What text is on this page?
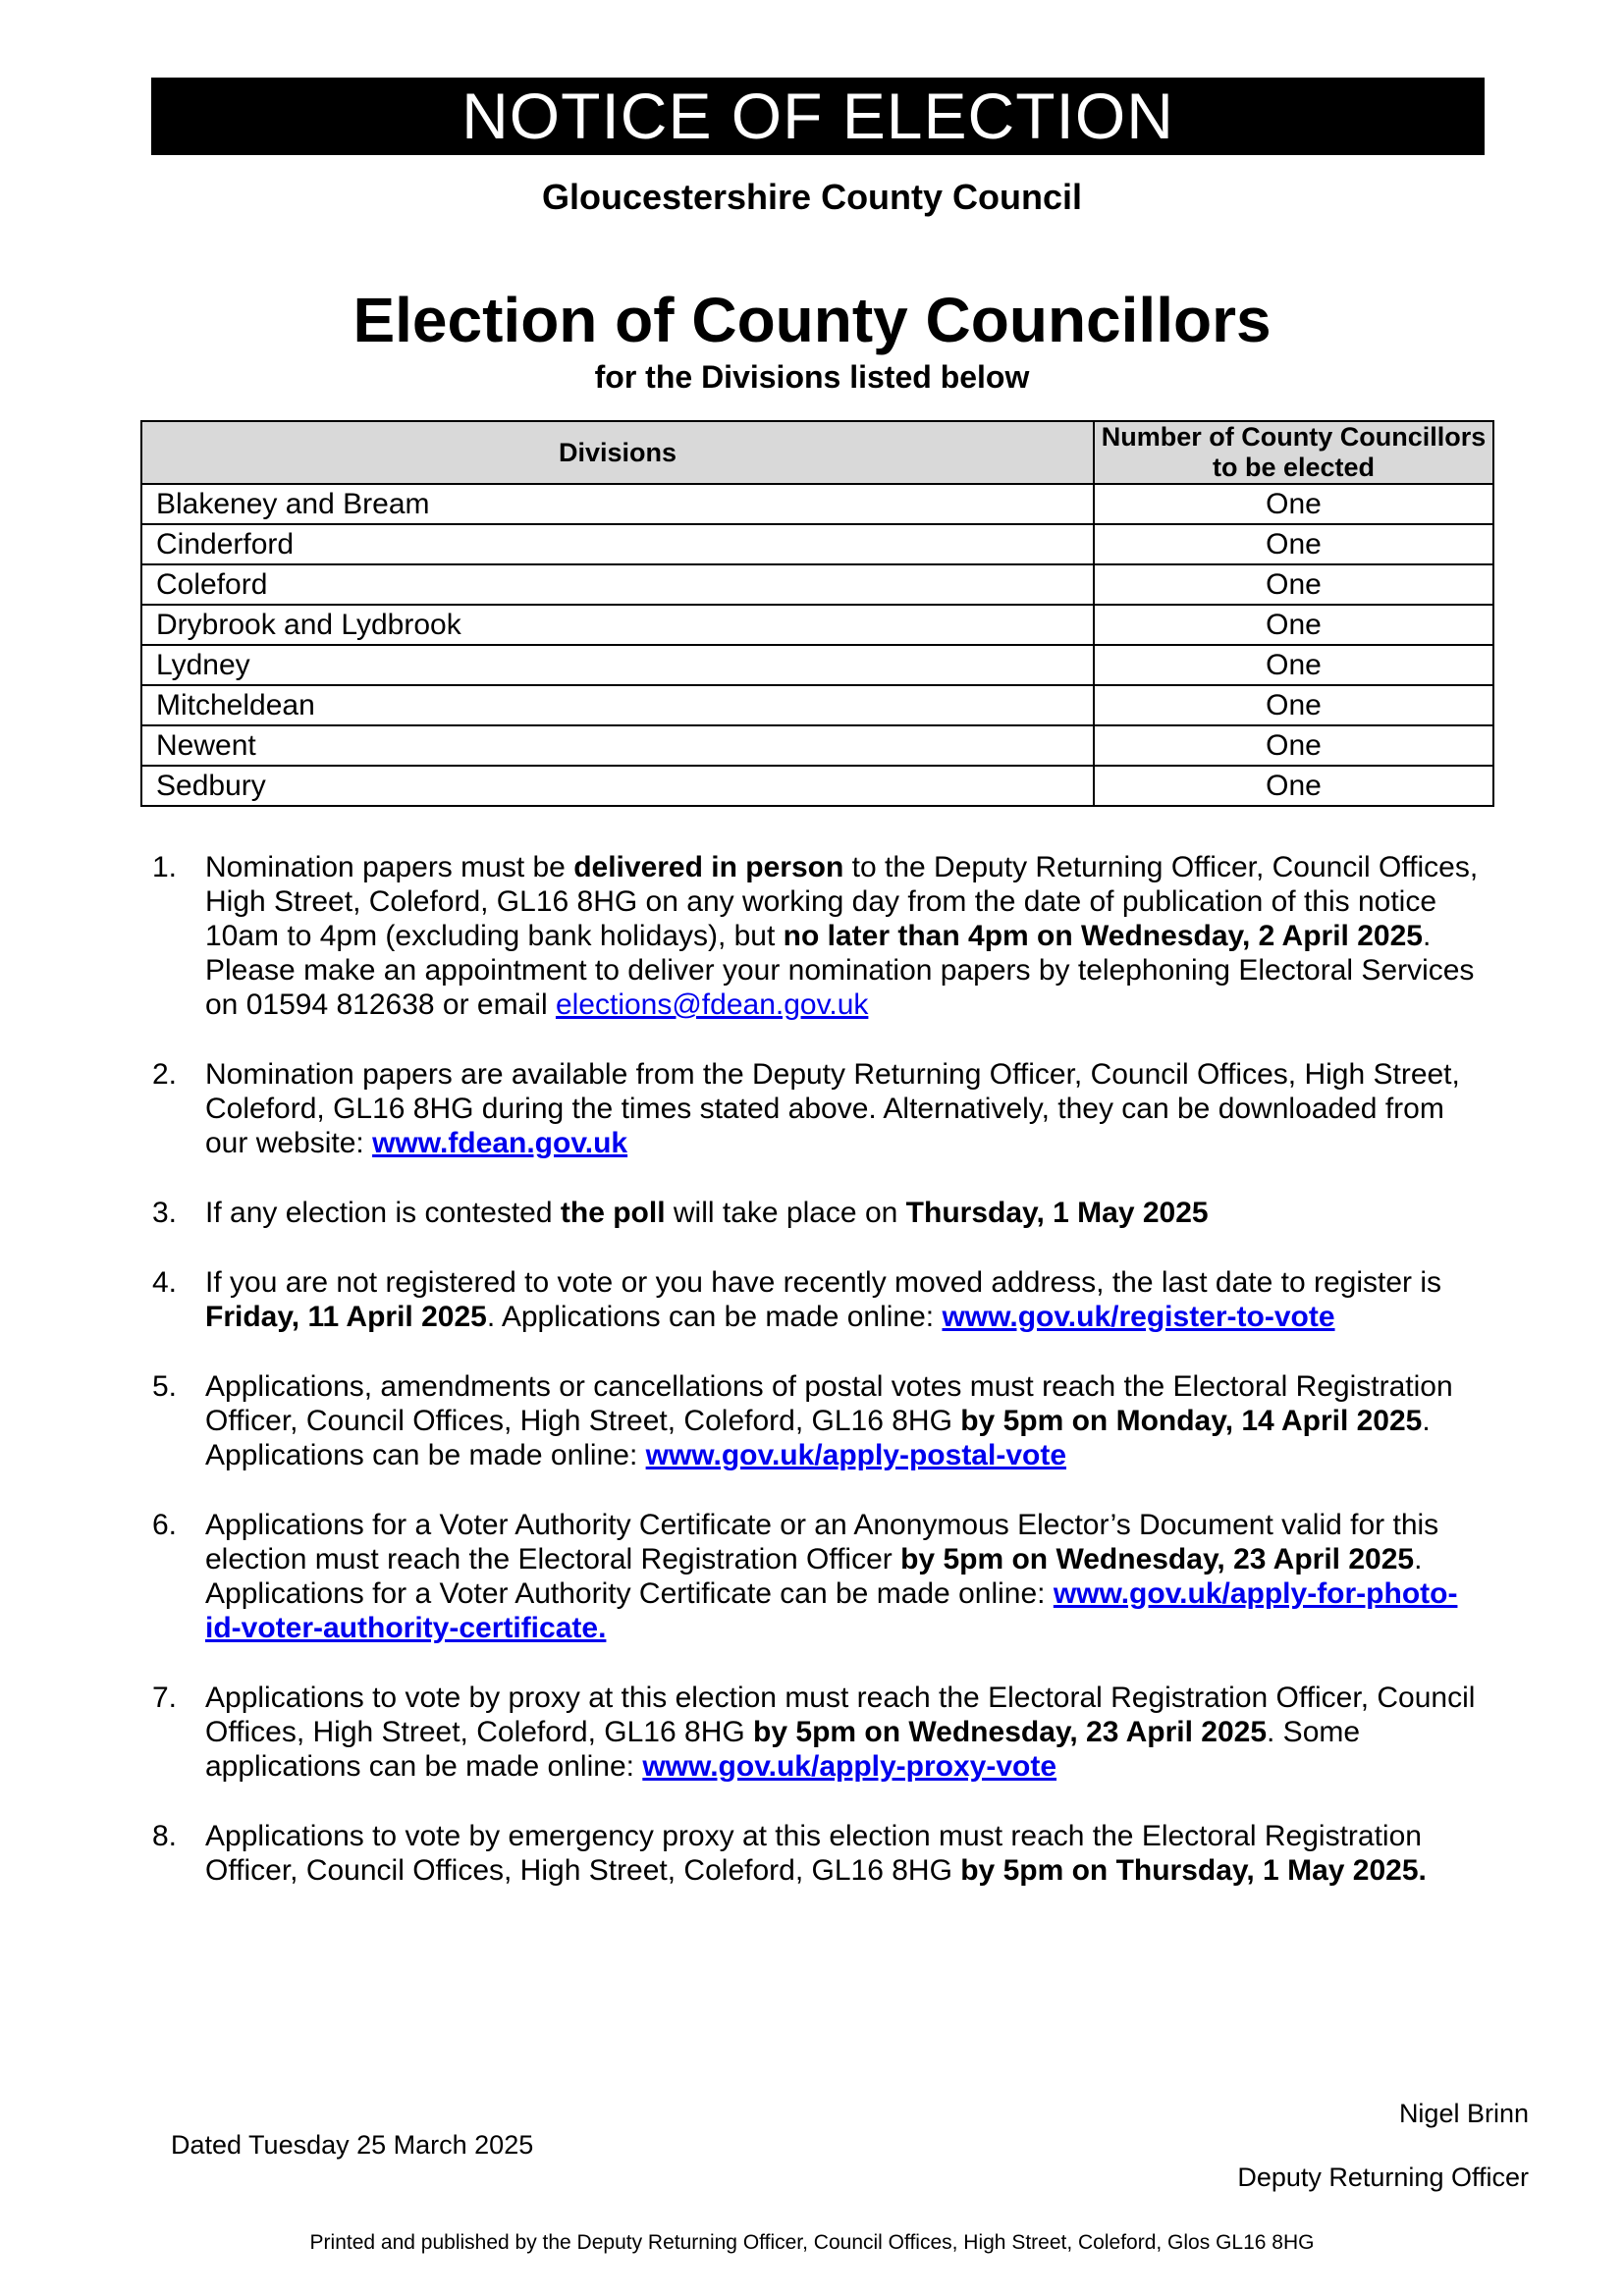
NOTICE OF ELECTION
Gloucestershire County Council
Election of County Councillors
for the Divisions listed below
Divisions	Number of County Councillors to be elected
Blakeney and Bream	One
Cinderford	One
Coleford	One
Drybrook and Lydbrook	One
Lydney	One
Mitcheldean	One
Newent	One
Sedbury	One
1. Nomination papers must be delivered in person to the Deputy Returning Officer, Council Offices, High Street, Coleford, GL16 8HG on any working day from the date of publication of this notice 10am to 4pm (excluding bank holidays), but no later than 4pm on Wednesday, 2 April 2025. Please make an appointment to deliver your nomination papers by telephoning Electoral Services on 01594 812638 or email elections@fdean.gov.uk
2. Nomination papers are available from the Deputy Returning Officer, Council Offices, High Street, Coleford, GL16 8HG during the times stated above. Alternatively, they can be downloaded from our website: www.fdean.gov.uk
3. If any election is contested the poll will take place on Thursday, 1 May 2025
4. If you are not registered to vote or you have recently moved address, the last date to register is Friday, 11 April 2025. Applications can be made online: www.gov.uk/register-to-vote
5. Applications, amendments or cancellations of postal votes must reach the Electoral Registration Officer, Council Offices, High Street, Coleford, GL16 8HG by 5pm on Monday, 14 April 2025. Applications can be made online: www.gov.uk/apply-postal-vote
6. Applications for a Voter Authority Certificate or an Anonymous Elector’s Document valid for this election must reach the Electoral Registration Officer by 5pm on Wednesday, 23 April 2025. Applications for a Voter Authority Certificate can be made online: www.gov.uk/apply-for-photo-id-voter-authority-certificate.
7. Applications to vote by proxy at this election must reach the Electoral Registration Officer, Council Offices, High Street, Coleford, GL16 8HG by 5pm on Wednesday, 23 April 2025. Some applications can be made online: www.gov.uk/apply-proxy-vote
8. Applications to vote by emergency proxy at this election must reach the Electoral Registration Officer, Council Offices, High Street, Coleford, GL16 8HG by 5pm on Thursday, 1 May 2025.
Dated Tuesday 25 March 2025
Nigel Brinn
Deputy Returning Officer
Printed and published by the Deputy Returning Officer, Council Offices, High Street, Coleford, Glos GL16 8HG
